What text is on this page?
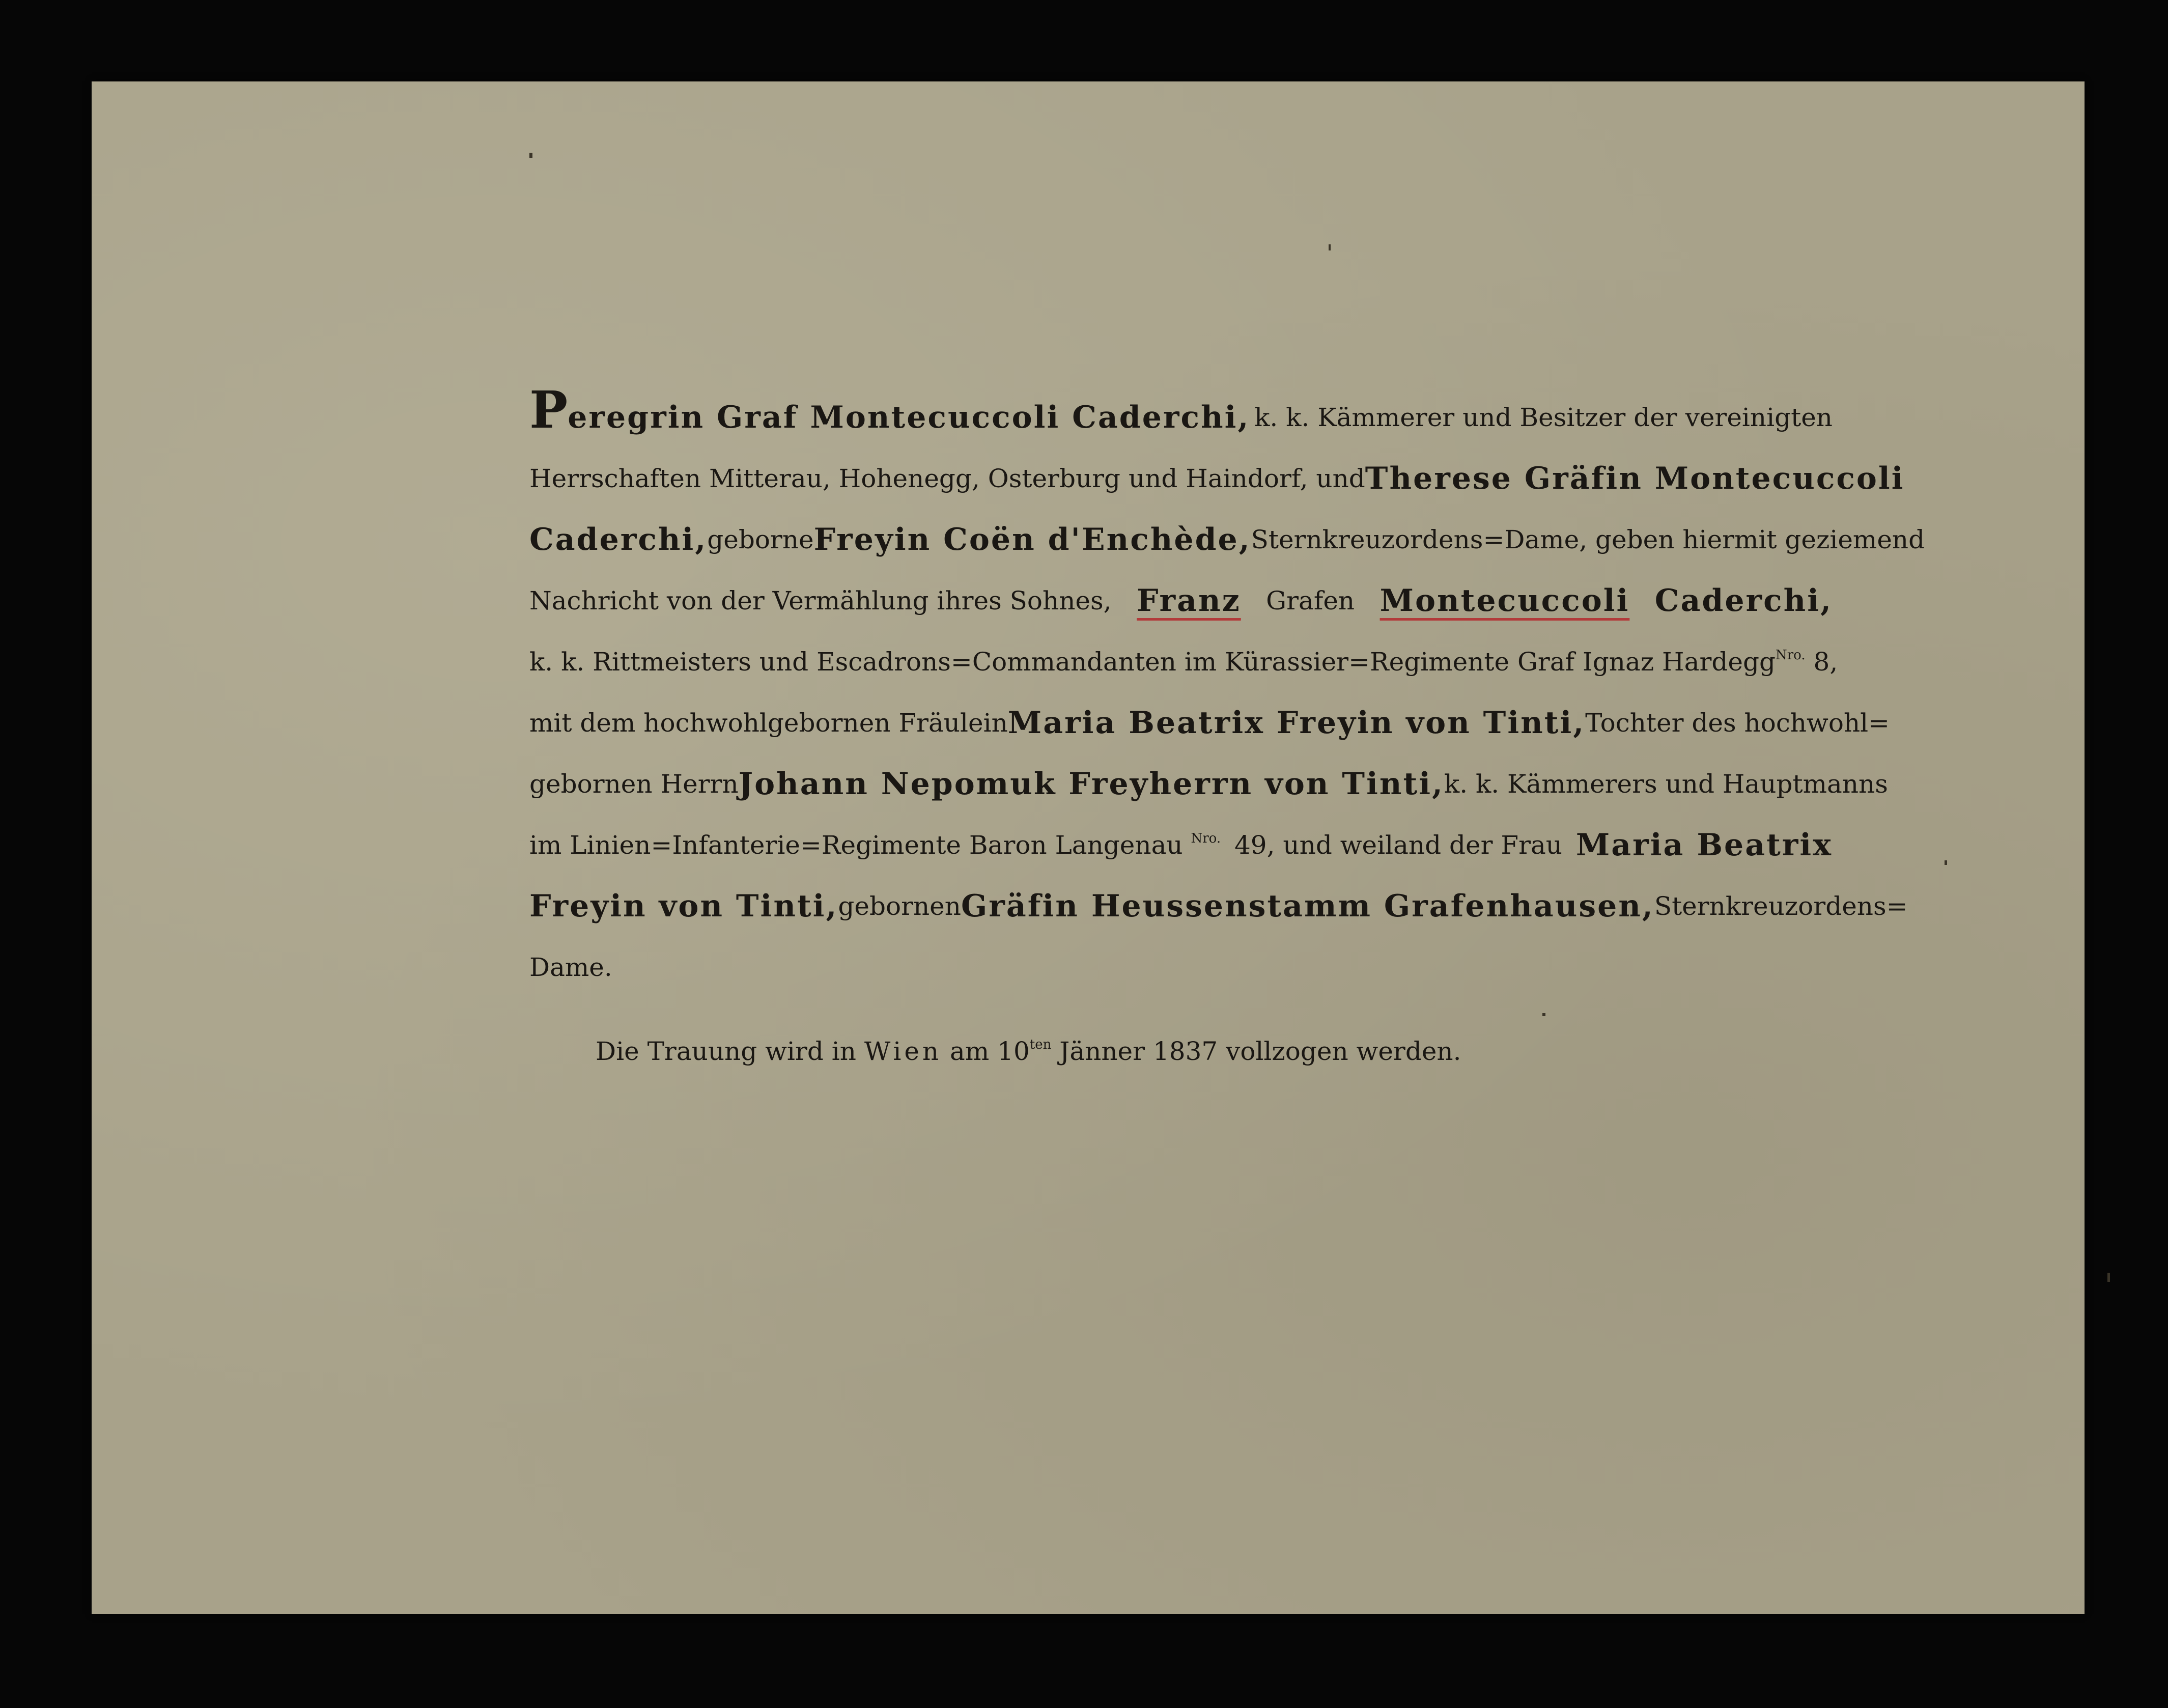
Peregrin Graf Montecuccoli Caderchi, k. k. Kämmerer und Besitzer der vereinigten
Herrschaften Mitterau, Hohenegg, Osterburg und Haindorf, und Therese Gräfin Montecuccoli
Caderchi, geborne Freyin Coën d'Enchède, Sternkreuzordens=Dame, geben hiermit geziemend
Nachricht von der Vermählung ihres Sohnes, Franz Grafen Montecuccoli Caderchi,
k. k. Rittmeisters und Escadrons=Commandanten im Kürassier=Regimente Graf Ignaz Hardegg $^{Nro.}$ 8,
mit dem hochwohlgebornen Fräulein Maria Beatrix Freyin von Tinti, Tochter des hochwohl=
gebornen Herrn Johann Nepomuk Freyherrn von Tinti, k. k. Kämmerers und Hauptmanns
im Linien=Infanterie=Regimente Baron Langenau $^{Nro.}$ 49, und weiland der Frau Maria Beatrix
Freyin von Tinti, gebornen Gräfin Heussenstamm Grafenhausen, Sternkreuzordens=
Dame.
Die Trauung wird in Wien am $10^{ten}$ Jänner 1837 vollzogen werden.
